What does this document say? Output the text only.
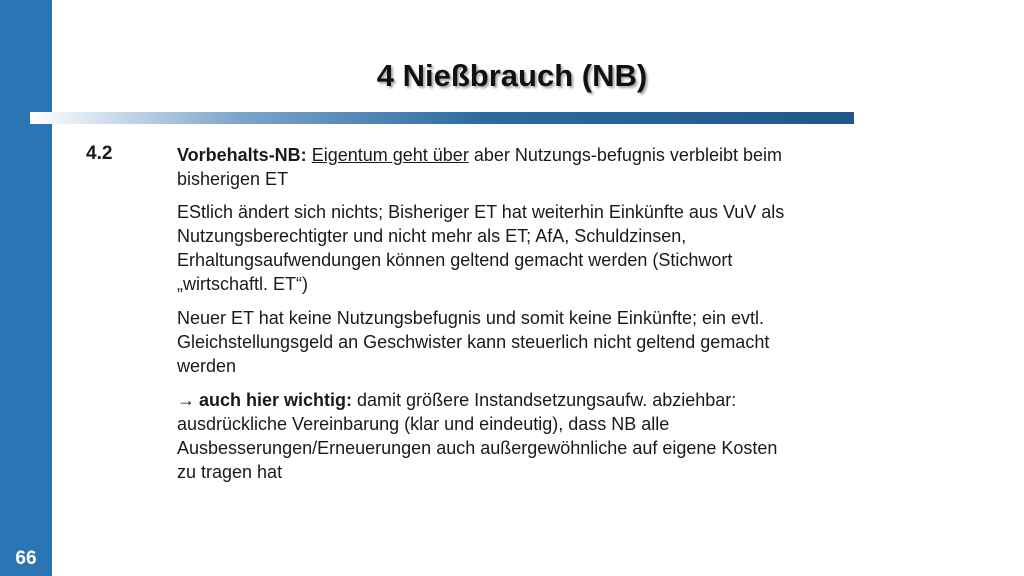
66
4 Nießbrauch (NB)
4.2	Vorbehalts-NB: Eigentum geht über aber Nutzungs-befugnis verbleibt beim bisherigen ET

EStlich ändert sich nichts; Bisheriger ET hat weiterhin Einkünfte aus VuV als Nutzungsberechtigter und nicht mehr als ET; AfA, Schuldzinsen, Erhaltungsaufwendungen können geltend gemacht werden (Stichwort „wirtschaftl. ET“)

Neuer ET hat keine Nutzungsbefugnis und somit keine Einkünfte; ein evtl. Gleichstellungsgeld an Geschwister kann steuerlich nicht geltend gemacht werden

→ auch hier wichtig: damit größere Instandsetzungsaufw. abziehbar: ausdrückliche Vereinbarung (klar und eindeutig), dass NB alle Ausbesserungen/Erneuerungen auch außergewöhnliche auf eigene Kosten zu tragen hat
